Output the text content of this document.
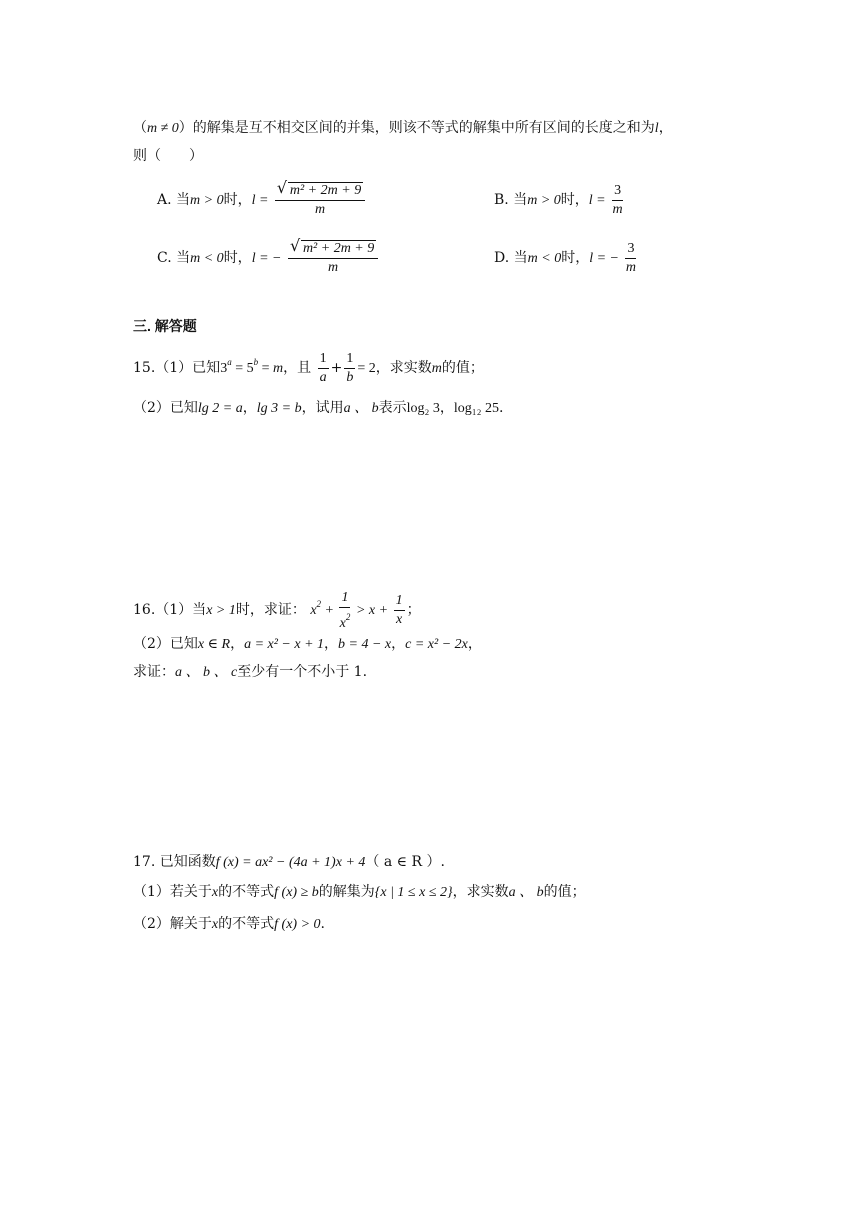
（m ≠ 0）的解集是互不相交区间的并集，则该不等式的解集中所有区间的长度之和为l，
则（　　）
A. 当m > 0时，$l = \frac{\text{√ m² + 2m + 9}}{m}$	B. 当m > 0时，$l = \frac{3}{m}$
C. 当m < 0时，l = − $\frac{\text{√ m² + 2m + 9}}{m}$	D. 当m < 0时，l = − $\frac{3}{m}$
三. 解答题
15.（1）已知$3^a = 5^b = m$，且 $\frac{1}{a} + \frac{1}{b} = 2$，求实数m的值；
（2）已知lg 2 = a，lg 3 = b，试用a 、 b表示log₂ 3，log₁₂ 25.
16.（1）当x > 1时，求证： $x^2 + \frac{1}{x^2} > x + \frac{1}{x}$ ；
（2）已知x ∈ R，a = x² − x + 1，b = 4 − x，c = x² − 2x，
求证：a 、 b 、 c至少有一个不小于 1.
17. 已知函数f (x) = ax² − (4a + 1)x + 4（ a ∈ R ）.
（1）若关于x的不等式f (x) ≥ b的解集为{x | 1 ≤ x ≤ 2}，求实数a 、 b的值；
（2）解关于x的不等式f (x) > 0.
